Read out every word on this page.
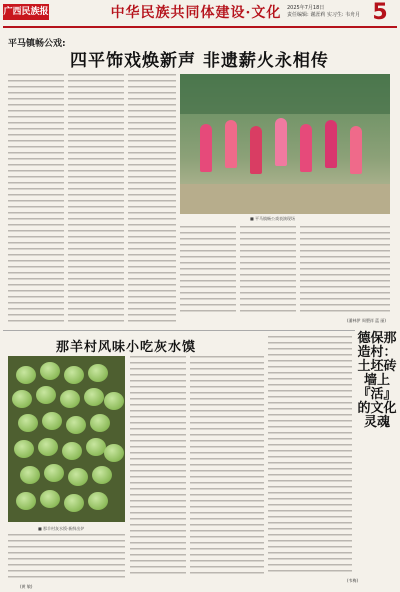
广西民族报	中华民族共同体建设·文化	2025年7月18日
责任编辑: 谢涯莉 实习生: 韦舟月 5
平马镇畅公戏:
四平饰戏焕新声 非遗薪火永相传
■ 平马镇畅公戏表演现场
(潘林伊 周塑祥 蓝 丽)
那羊村风味小吃灰水馍
■ 那羊村灰水馍·新鲜出炉
(黄 敏)
德保那造村：土坯砖墙上『活』的文化灵魂
(韦梅)
